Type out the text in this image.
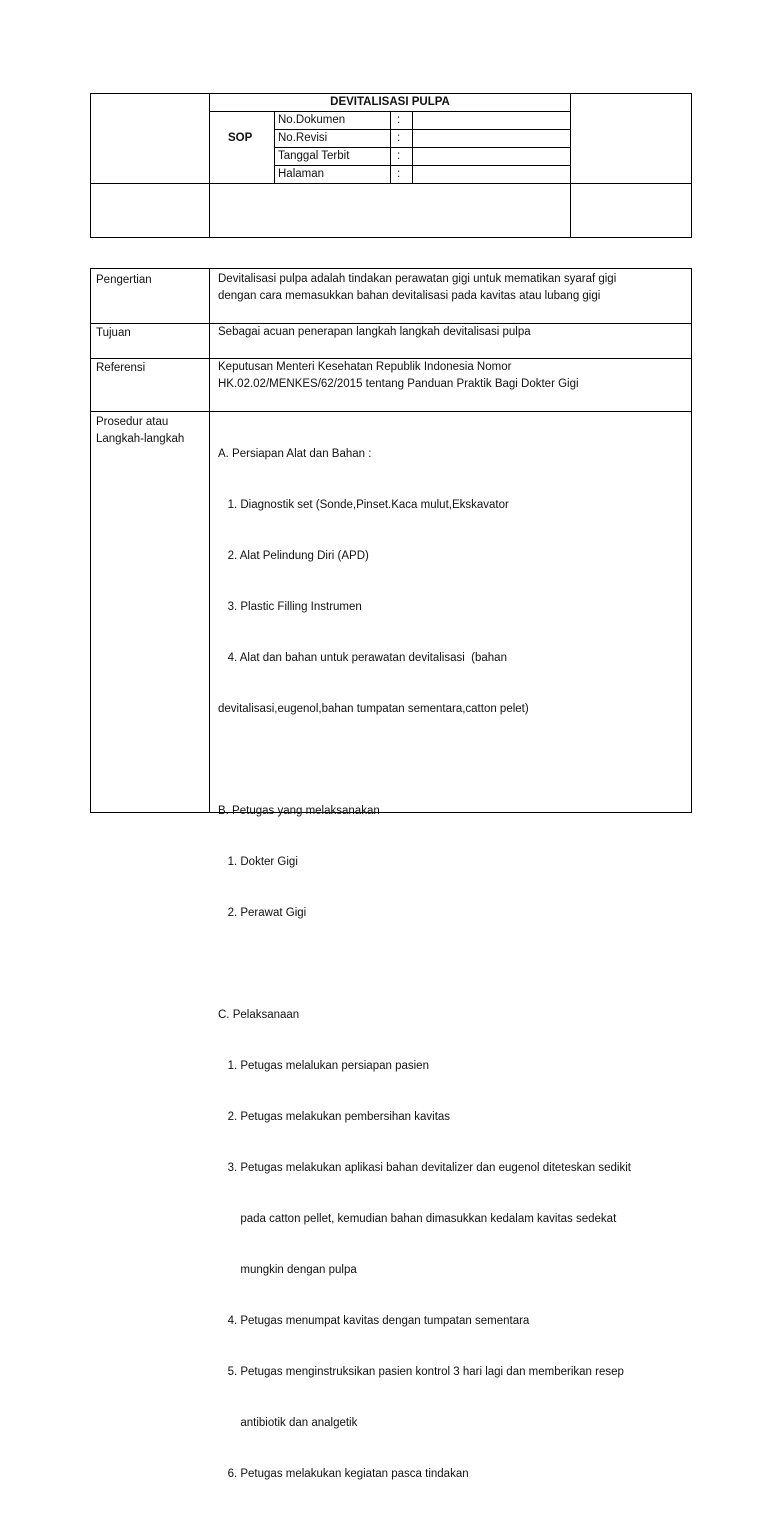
DEVITALISASI PULPA
SOP
No.Dokumen	:
No.Revisi	:
Tanggal Terbit	:
Halaman	:
Pengertian	Devitalisasi pulpa adalah tindakan perawatan gigi untuk mematikan syaraf gigi
dengan cara memasukkan bahan devitalisasi pada kavitas atau lubang gigi
Tujuan	Sebagai acuan penerapan langkah langkah devitalisasi pulpa
Referensi	Keputusan Menteri Kesehatan Republik Indonesia Nomor
HK.02.02/MENKES/62/2015 tentang Panduan Praktik Bagi Dokter Gigi
Prosedur atau
Langkah-langkah

A. Persiapan Alat dan Bahan :

1. Diagnostik set (Sonde,Pinset.Kaca mulut,Ekskavator

2. Alat Pelindung Diri (APD)

3. Plastic Filling Instrumen

4. Alat dan bahan untuk perawatan devitalisasi  (bahan

devitalisasi,eugenol,bahan tumpatan sementara,catton pelet)

B. Petugas yang melaksanakan

1. Dokter Gigi

2. Perawat Gigi

C. Pelaksanaan

1. Petugas melalukan persiapan pasien

2. Petugas melakukan pembersihan kavitas

3. Petugas melakukan aplikasi bahan devitalizer dan eugenol diteteskan sedikit

pada catton pellet, kemudian bahan dimasukkan kedalam kavitas sedekat

mungkin dengan pulpa

4. Petugas menumpat kavitas dengan tumpatan sementara

5. Petugas menginstruksikan pasien kontrol 3 hari lagi dan memberikan resep

antibiotik dan analgetik

6. Petugas melakukan kegiatan pasca tindakan
